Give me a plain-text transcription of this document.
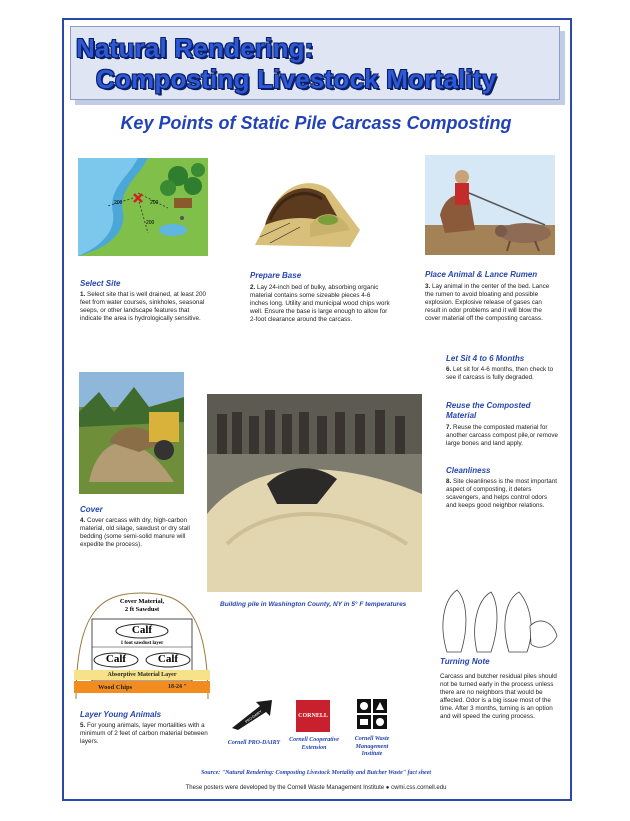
Natural Rendering:
Composting Livestock Mortality
Key Points of Static Pile Carcass Composting
200	200
200
Select Site
1. Select site that is well drained, at least 200 feet from water courses, sinkholes, seasonal seeps, or other landscape features that indicate the area is hydrologically sensitive.
Prepare Base
2. Lay 24-inch bed of bulky, absorbing organic material contains some sizeable pieces 4-6 inches long. Utility and municipal wood chips work well. Ensure the base is large enough to allow for 2-foot clearance around the carcass.
Place Animal & Lance Rumen
3. Lay animal in the center of the bed. Lance the rumen to avoid bloating and possible explosion. Explosive release of gases can result in odor problems and it will blow the cover material off the composting carcass.
Let Sit 4 to 6 Months
6. Let sit for 4-6 months, then check to see if carcass is fully degraded.
Cover
4. Cover carcass with dry, high-carbon material, old silage, sawdust or dry stall bedding (some semi-solid manure will expedite the process).
Building pile in Washington County, NY in 5° F temperatures
Reuse the Composted Material
7. Reuse the composted material for another carcass compost pile,or remove large bones and land apply.
Cleanliness
8. Site cleanliness is the most important aspect of composting, it deters scavengers, and helps control odors and keeps good neighbor relations.
Cover Material,
2 ft Sawdust
Calf
1 foot sawdust layer
Calf	Calf
Absorptive Material Layer
Wood Chips	18-24 "
Layer Young Animals
5. For young animals, layer mortalities with a minimum of 2 feet of carbon material between layers.
Turning Note
Carcass and butcher residual piles should not be turned early in the process unless there are no neighbors that would be affected. Odor is a big issue most of the time. After 3 months, turning is an option and will speed the curing process.
PRO-DAIRY
Cornell PRO-DAIRY
CORNELL
Cornell Cooperative Extension
Cornell Waste Management Institute
Source: "Natural Rendering: Composting Livestock Mortality and Butcher Waste" fact sheet
These posters were developed by the Cornell Waste Management Institute ● cwmi.css.cornell.edu
